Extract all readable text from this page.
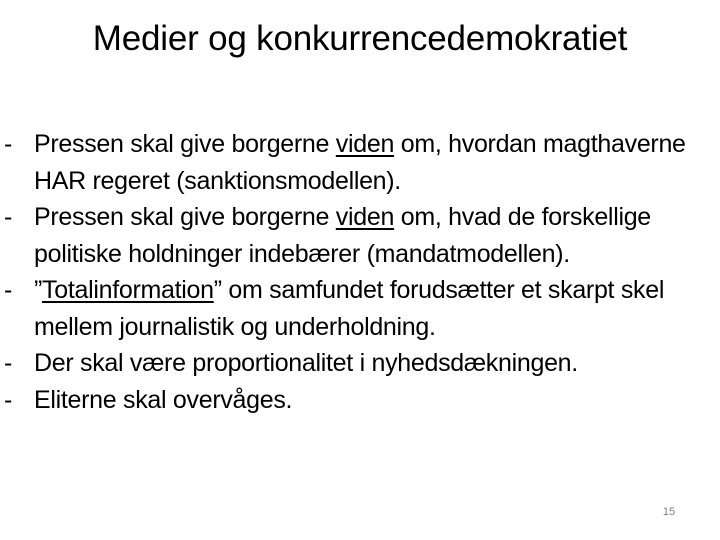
Medier og konkurrencedemokratiet
- Pressen skal give borgerne viden om, hvordan magthaverne HAR regeret (sanktionsmodellen).
- Pressen skal give borgerne viden om, hvad de forskellige politiske holdninger indebærer (mandatmodellen).
- ”Totalinformation” om samfundet forudsætter et skarpt skel mellem journalistik og underholdning.
- Der skal være proportionalitet i nyhedsdækningen.
- Eliterne skal overvåges.
15
